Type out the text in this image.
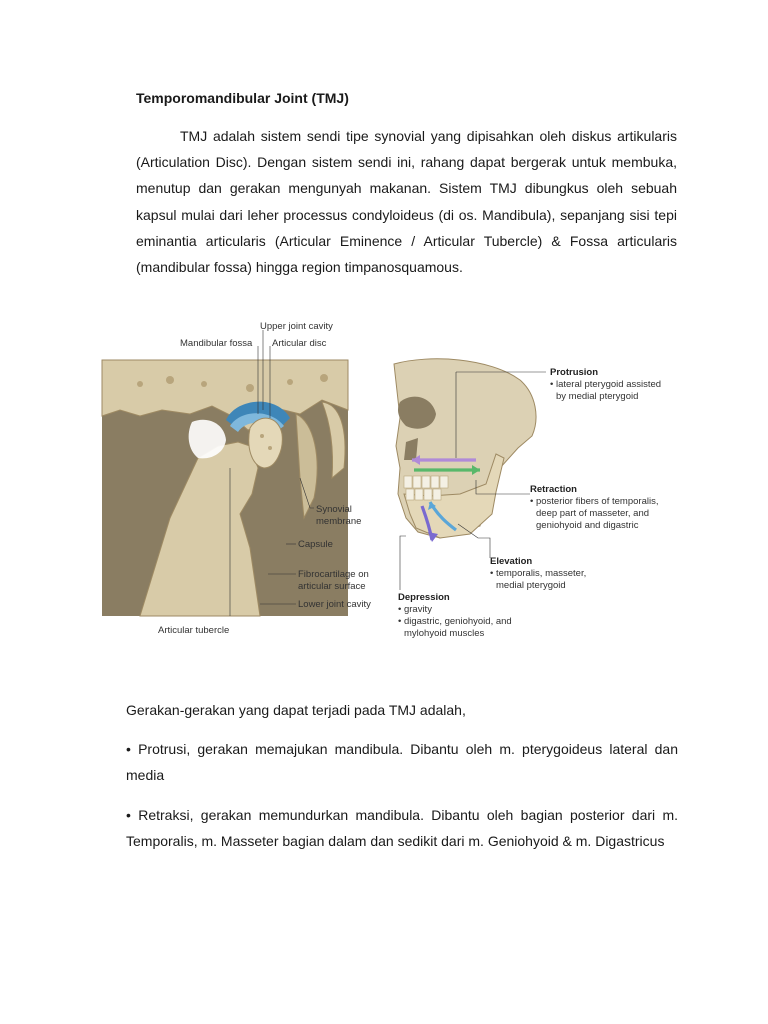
Temporomandibular Joint (TMJ)
TMJ adalah sistem sendi tipe synovial yang dipisahkan oleh diskus artikularis (Articulation Disc). Dengan sistem sendi ini, rahang dapat bergerak untuk membuka, menutup dan gerakan mengunyah makanan. Sistem TMJ dibungkus oleh sebuah kapsul mulai dari leher processus condyloideus (di os. Mandibula), sepanjang sisi tepi eminantia articularis (Articular Eminence / Articular Tubercle) & Fossa articularis (mandibular fossa) hingga region timpanosquamous.
Upper joint cavity
Mandibular fossa Articular disc
Synovial
membrane
Capsule
Fibrocartilage on
articular surface
Lower joint cavity
Articular tubercle
Protrusion
• lateral pterygoid assisted
by medial pterygoid
Retraction
• posterior fibers of temporalis,
deep part of masseter, and
geniohyoid and digastric
Elevation
• temporalis, masseter,
medial pterygoid
Depression
• gravity
• digastric, geniohyoid, and
mylohyoid muscles
Gerakan-gerakan yang dapat terjadi pada TMJ adalah,
• Protrusi, gerakan memajukan mandibula. Dibantu oleh m. pterygoideus lateral dan media
• Retraksi, gerakan memundurkan mandibula. Dibantu oleh bagian posterior dari m. Temporalis, m. Masseter bagian dalam dan sedikit dari m. Geniohyoid & m. Digastricus
